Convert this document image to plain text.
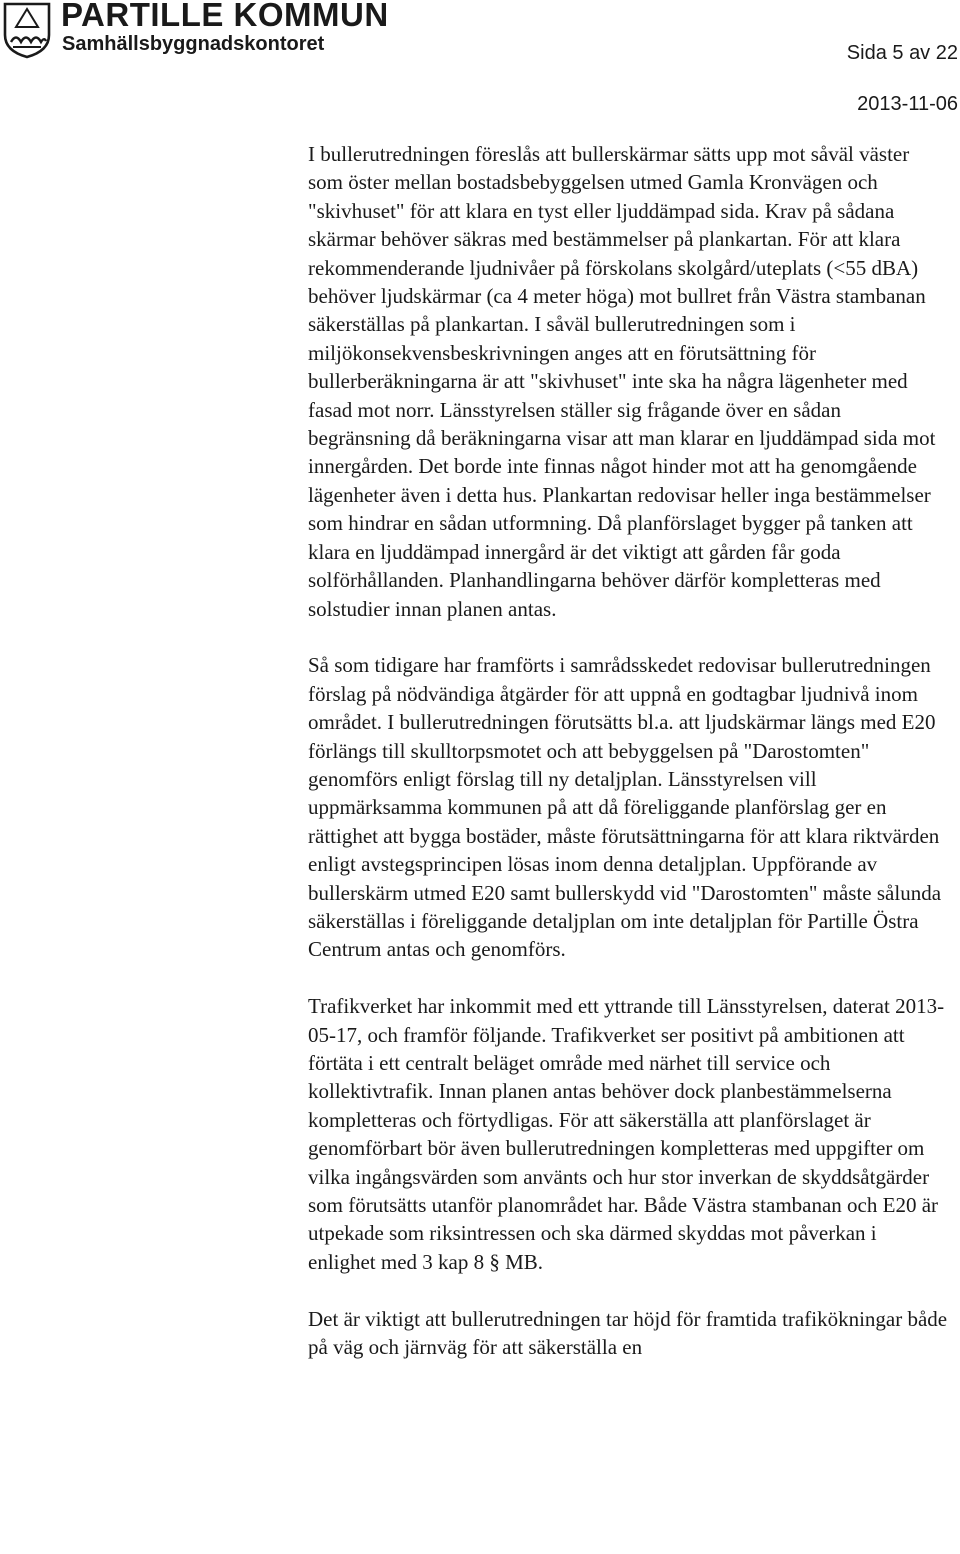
PARTILLE KOMMUN
Samhällsbyggnadskontoret	Sida 5 av 22
2013-11-06

I bullerutredningen föreslås att bullerskärmar sätts upp mot såväl väster som öster mellan bostadsbebyggelsen utmed Gamla Kronvägen och "skivhuset" för att klara en tyst eller ljuddämpad sida. Krav på sådana skärmar behöver säkras med bestämmelser på plankartan. För att klara rekommenderande ljudnivåer på förskolans skolgård/uteplats (<55 dBA) behöver ljudskärmar (ca 4 meter höga) mot bullret från Västra stambanan säkerställas på plankartan. I såväl bullerutredningen som i miljökonsekvensbeskrivningen anges att en förutsättning för bullerberäkningarna är att "skivhuset" inte ska ha några lägenheter med fasad mot norr. Länsstyrelsen ställer sig frågande över en sådan begränsning då beräkningarna visar att man klarar en ljuddämpad sida mot innergården. Det borde inte finnas något hinder mot att ha genomgående lägenheter även i detta hus. Plankartan redovisar heller inga bestämmelser som hindrar en sådan utformning. Då planförslaget bygger på tanken att klara en ljuddämpad innergård är det viktigt att gården får goda solförhållanden. Planhandlingarna behöver därför kompletteras med solstudier innan planen antas.

Så som tidigare har framförts i samrådsskedet redovisar bullerutredningen förslag på nödvändiga åtgärder för att uppnå en godtagbar ljudnivå inom området. I bullerutredningen förutsätts bl.a. att ljudskärmar längs med E20 förlängs till skulltorpsmotet och att bebyggelsen på "Darostomten" genomförs enligt förslag till ny detaljplan. Länsstyrelsen vill uppmärksamma kommunen på att då föreliggande planförslag ger en rättighet att bygga bostäder, måste förutsättningarna för att klara riktvärden enligt avstegsprincipen lösas inom denna detaljplan. Uppförande av bullerskärm utmed E20 samt bullerskydd vid "Darostomten" måste sålunda säkerställas i föreliggande detaljplan om inte detaljplan för Partille Östra Centrum antas och genomförs.

Trafikverket har inkommit med ett yttrande till Länsstyrelsen, daterat 2013- 05-17, och framför följande. Trafikverket ser positivt på ambitionen att förtäta i ett centralt beläget område med närhet till service och kollektivtrafik. Innan planen antas behöver dock planbestämmelserna kompletteras och förtydligas. För att säkerställa att planförslaget är genomförbart bör även bullerutredningen kompletteras med uppgifter om vilka ingångsvärden som använts och hur stor inverkan de skyddsåtgärder som förutsätts utanför planområdet har. Både Västra stambanan och E20 är utpekade som riksintressen och ska därmed skyddas mot påverkan i enlighet med 3 kap 8 § MB.

Det är viktigt att bullerutredningen tar höjd för framtida trafikökningar både på väg och järnväg för att säkerställa en
